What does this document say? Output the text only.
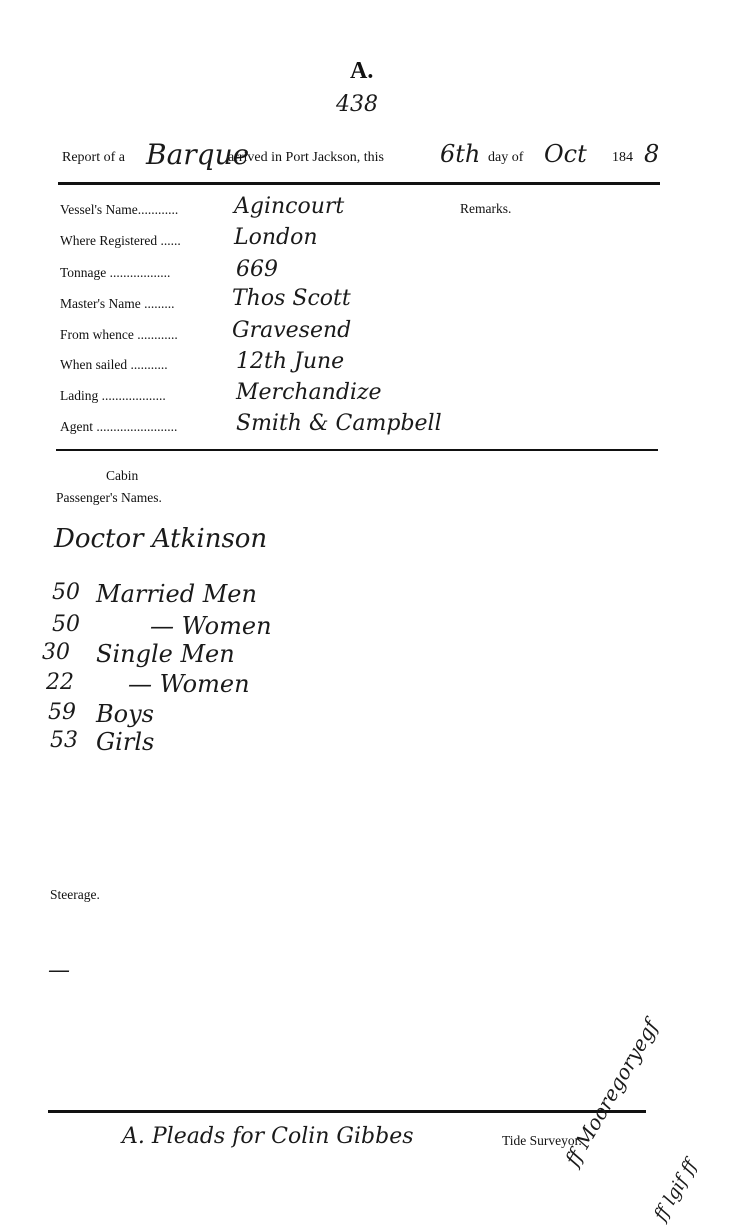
A.
438
Report of a Barque
arrived in Port Jackson, this 6th day of Oct 184 8
Vessel's Name............	Agincourt
Where Registered ...... London
Tonnage ..................	669
Master's Name .........	Thos Scott
From whence ............ Gravesend
When sailed ...........	12th June
Lading ...................	Merchandize
Agent ........................	Smith & Campbell
Remarks.
Cabin
Passenger's Names.
Doctor Atkinson
50 Married Men
50	— Women
30 Single Men
22 — Women
59 Boys
53 Girls
Steerage.
—
A. Pleads for Colin Gibbes	Tide Surveyor.
ff Mooregoryegf
ff lgif ff
